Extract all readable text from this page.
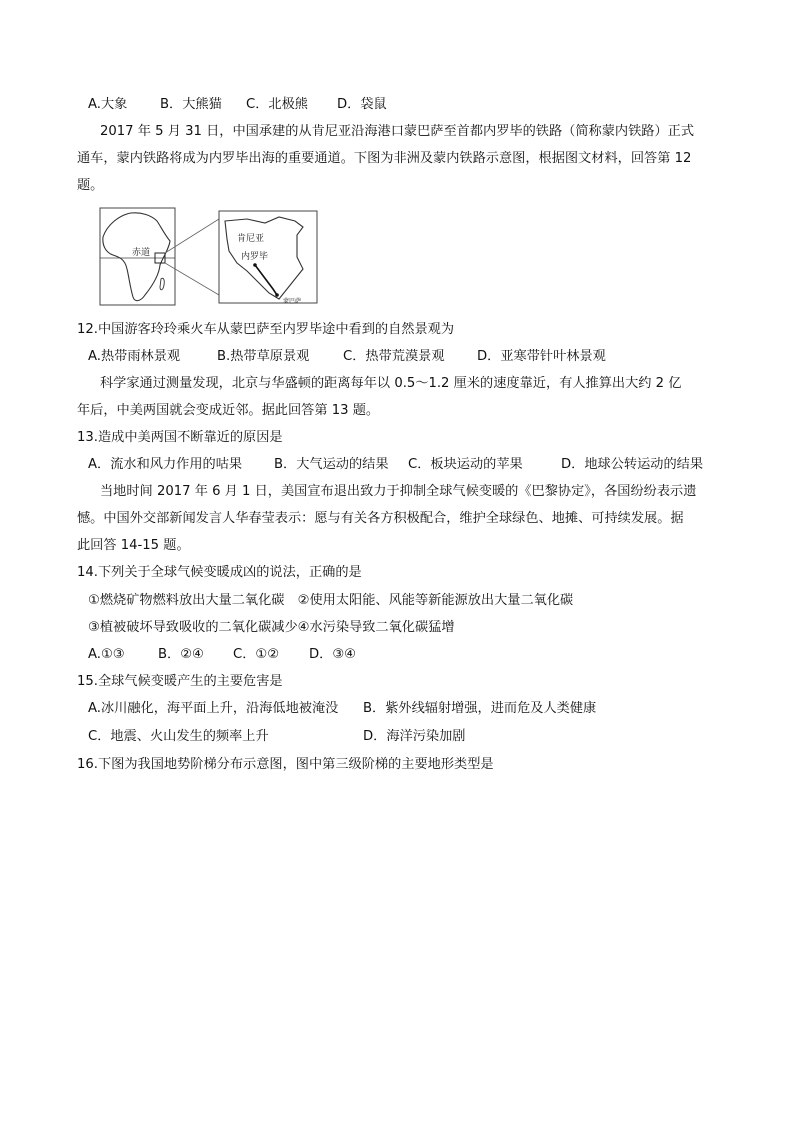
A.大象 B．大熊猫 C．北极熊 D．袋鼠
2017 年 5 月 31 日，中国承建的从肯尼亚沿海港口蒙巴萨至首都内罗毕的铁路（简称蒙内铁路）正式
通车，蒙内铁路将成为内罗毕出海的重要通道。下图为非洲及蒙内铁路示意图，根据图文材料，回答第 12
题。
赤道
肯尼亚
内罗毕
蒙巴萨
12.中国游客玲玲乘火车从蒙巴萨至内罗毕途中看到的自然景观为
A.热带雨林景观	B.热带草原景观	C．热带荒漠景观 D．亚寒带针叶林景观
科学家通过测量发现，北京与华盛顿的距离每年以 0.5～1.2 厘米的速度靠近，有人推算出大约 2 亿
年后，中美两国就会变成近邻。据此回答第 13 题。
13.造成中美两国不断靠近的原因是
A．流水和风力作用的咕果 B．大气运动的结果 C．板块运动的苹果	D．地球公转运动的结果
当地时间 2017 年 6 月 1 日，美国宣布退出致力于抑制全球气候变暖的《巴黎协定》，各国纷纷表示遗
憾。中国外交部新闻发言人华春莹表示：愿与有关各方积极配合，维护全球绿色、地摊、可持续发展。据
此回答 14-15 题。
14.下列关于全球气候变暖成凶的说法，正确的是
①燃烧矿物燃料放出大量二氧化碳　②使用太阳能、风能等新能源放出大量二氧化碳
③植被破坏导致吸收的二氧化碳减少④水污染导致二氧化碳猛增
A.①③	B．②④ C．①② D．③④
15.全球气候变暖产生的主要危害是
A.冰川融化，海平面上升，沿海低地被淹没 B．紫外线辐射增强，进而危及人类健康
C．地震、火山发生的频率上升	D．海洋污染加剧
16.下图为我国地势阶梯分布示意图，图中第三级阶梯的主要地形类型是
